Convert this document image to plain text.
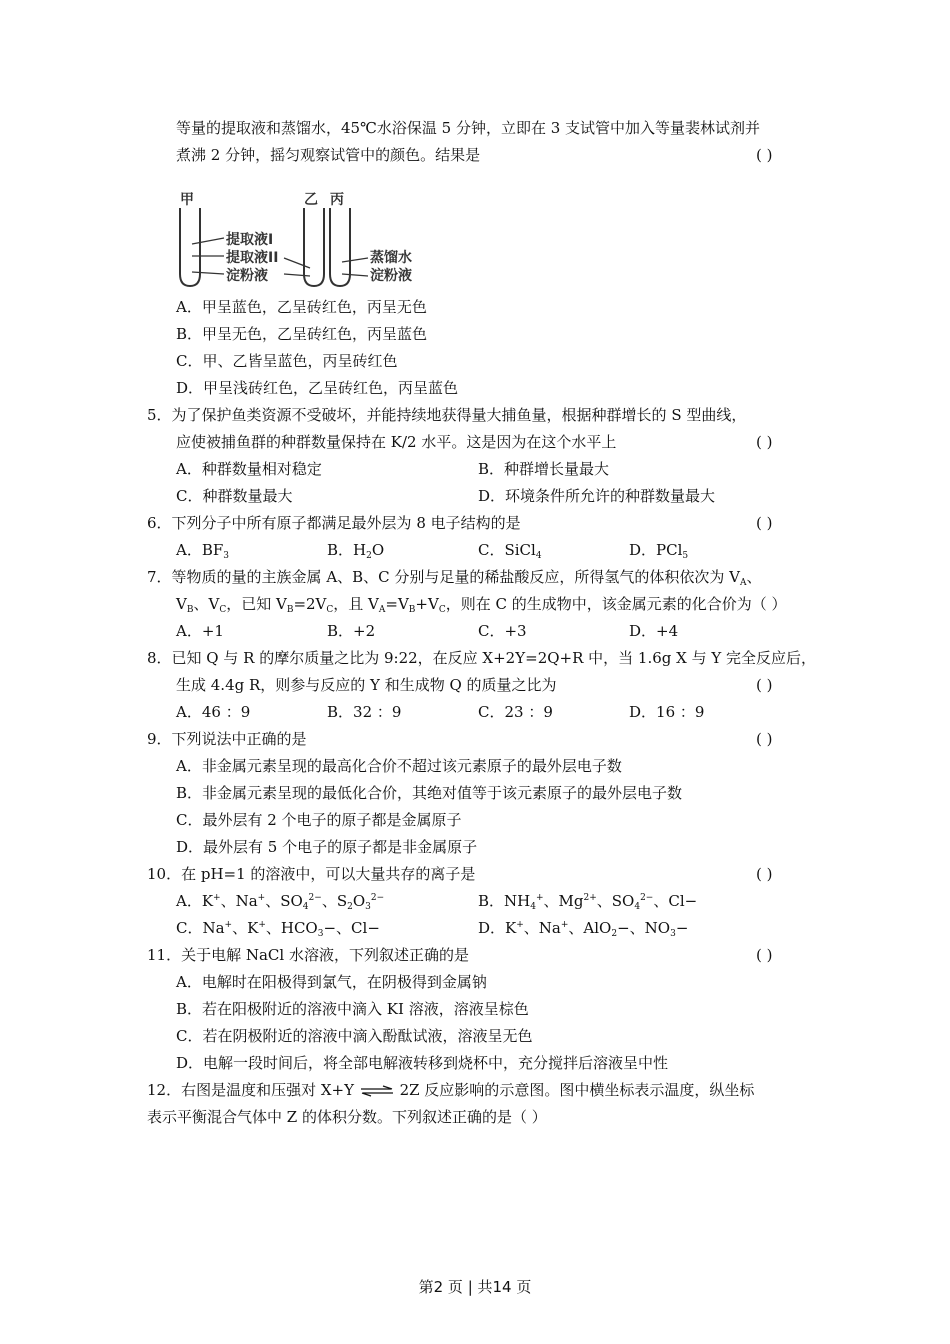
等量的提取液和蒸馏水，45℃水浴保温 5 分钟，立即在 3 支试管中加入等量裴林试剂并
煮沸 2 分钟，摇匀观察试管中的颜色。结果是	( )
甲	乙 丙
提取液I
提取液II
淀粉液
蒸馏水
淀粉液
A．甲呈蓝色，乙呈砖红色，丙呈无色
B．甲呈无色，乙呈砖红色，丙呈蓝色
C．甲、乙皆呈蓝色，丙呈砖红色
D．甲呈浅砖红色，乙呈砖红色，丙呈蓝色
5．为了保护鱼类资源不受破坏，并能持续地获得量大捕鱼量，根据种群增长的 S 型曲线，
应使被捕鱼群的种群数量保持在 K/2 水平。这是因为在这个水平上	( )
A．种群数量相对稳定	B．种群增长量最大
C．种群数量最大	D．环境条件所允许的种群数量最大
6．下列分子中所有原子都满足最外层为 8 电子结构的是	( )
A．$BF_3$	B．$H_2O$	C．SiCl$_4$	D．PCl$_5$
7．等物质的量的主族金属 A、B、C 分别与足量的稀盐酸反应，所得氢气的体积依次为 $V_A$、
$V_B$、$V_C$，已知 $V_B=2V_C$，且 $V_A=V_B+V_C$，则在 C 的生成物中，该金属元素的化合价为（ ）
A．+1	B．+2	C．+3	D．+4
8．已知 Q 与 R 的摩尔质量之比为 9:22，在反应 X+2Y=2Q+R 中，当 1.6g X 与 Y 完全反应后，
生成 4.4g R，则参与反应的 Y 和生成物 Q 的质量之比为	( )
A．46 ：9	B．32 ：9	C．23 ：9	D．16 ：9
9．下列说法中正确的是	( )
A．非金属元素呈现的最高化合价不超过该元素原子的最外层电子数
B．非金属元素呈现的最低化合价，其绝对值等于该元素原子的最外层电子数
C．最外层有 2 个电子的原子都是金属原子
D．最外层有 5 个电子的原子都是非金属原子
10．在 pH=1 的溶液中，可以大量共存的离子是	( )
A．K+、Na+、$SO_4^{2-}$、$S_2O_3^{2-}$	B．$NH_4^+$、$Mg^{2+}$、$SO_4^{2-}$、Cl−
C．Na+、K+、$HCO_3-$、Cl−	D．K+、Na+、AlO$_2$−、$NO_3-$
11．关于电解 NaCl 水溶液，下列叙述正确的是	( )
A．电解时在阳极得到氯气，在阴极得到金属钠
B．若在阳极附近的溶液中滴入 KI 溶液，溶液呈棕色
C．若在阴极附近的溶液中滴入酚酞试液，溶液呈无色
D．电解一段时间后，将全部电解液转移到烧杯中，充分搅拌后溶液呈中性
12．右图是温度和压强对 X+Y ⇌ 2Z 反应影响的示意图。图中横坐标表示温度，纵坐标
表示平衡混合气体中 Z 的体积分数。下列叙述正确的是（ ）
第2 页 | 共14 页
